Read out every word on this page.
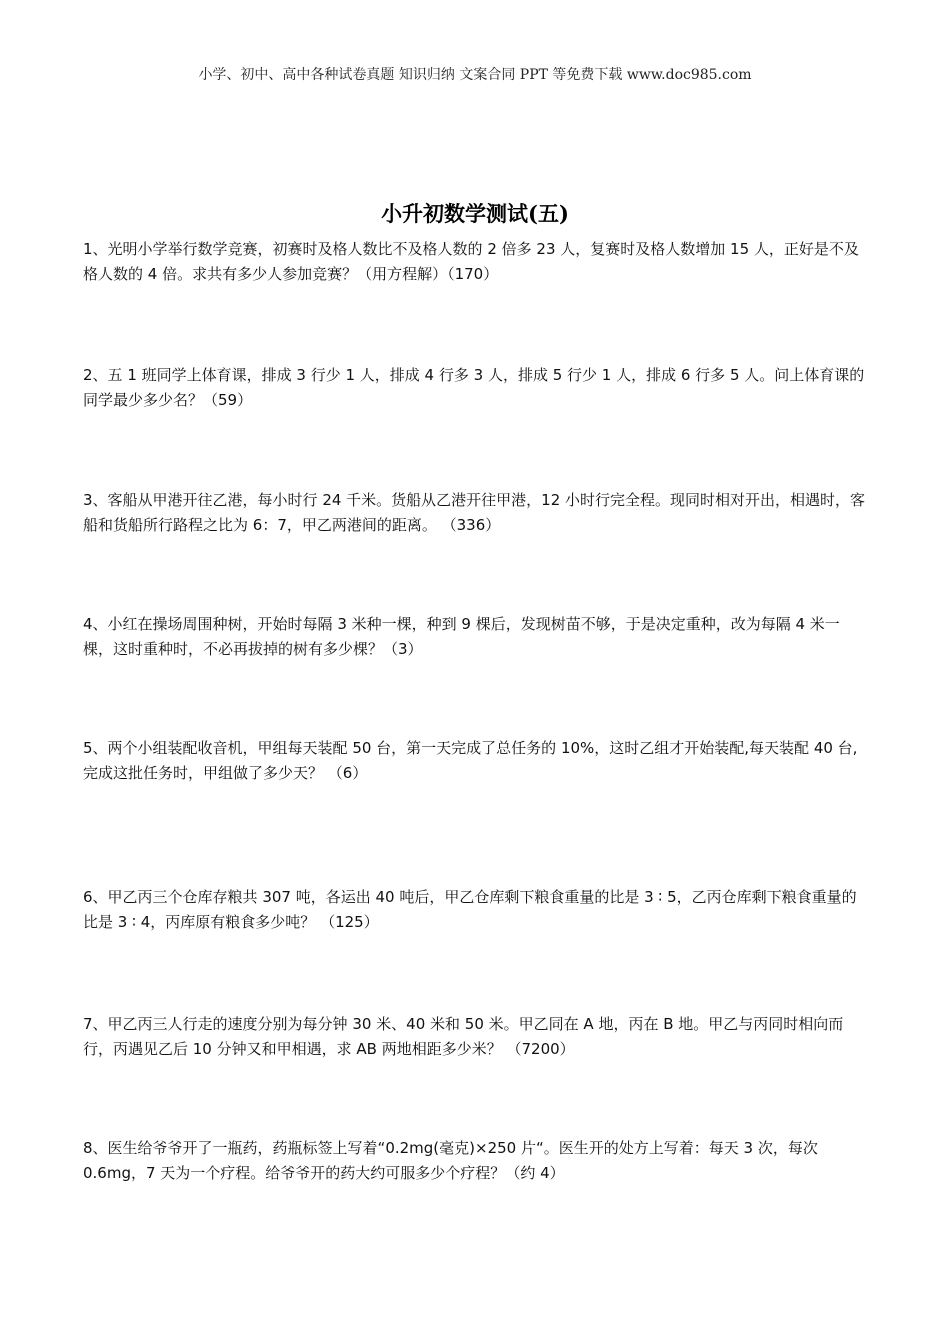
小学、初中、高中各种试卷真题 知识归纳 文案合同 PPT 等免费下载 www.doc985.com
小升初数学测试(五)

1、光明小学举行数学竞赛，初赛时及格人数比不及格人数的 2 倍多 23 人，复赛时及格人数增加 15 人，正好是不及格人数的 4 倍。求共有多少人参加竞赛？（用方程解）（170）

2、五 1 班同学上体育课，排成 3 行少 1 人，排成 4 行多 3 人，排成 5 行少 1 人，排成 6 行多 5 人。问上体育课的同学最少多少名？（59）

3、客船从甲港开往乙港，每小时行 24 千米。货船从乙港开往甲港，12 小时行完全程。现同时相对开出，相遇时，客船和货船所行路程之比为 6：7，甲乙两港间的距离。 （336）

4、小红在操场周围种树，开始时每隔 3 米种一棵，种到 9 棵后，发现树苗不够，于是决定重种，改为每隔 4 米一棵，这时重种时，不必再拔掉的树有多少棵？（3）

5、两个小组装配收音机，甲组每天装配 50 台，第一天完成了总任务的 10%，这时乙组才开始装配,每天装配 40 台,完成这批任务时，甲组做了多少天？ （6）

6、甲乙丙三个仓库存粮共 307 吨，各运出 40 吨后，甲乙仓库剩下粮食重量的比是 3 ∶ 5，乙丙仓库剩下粮食重量的比是 3 ∶ 4，丙库原有粮食多少吨？ （125）

7、甲乙丙三人行走的速度分别为每分钟 30 米、40 米和 50 米。甲乙同在 A 地，丙在 B 地。甲乙与丙同时相向而行，丙遇见乙后 10 分钟又和甲相遇，求 AB 两地相距多少米？ （7200）

8、医生给爷爷开了一瓶药，药瓶标签上写着“0.2mg(毫克)×250 片“。医生开的处方上写着：每天 3 次，每次 0.6mg，7 天为一个疗程。给爷爷开的药大约可服多少个疗程？（约 4）
